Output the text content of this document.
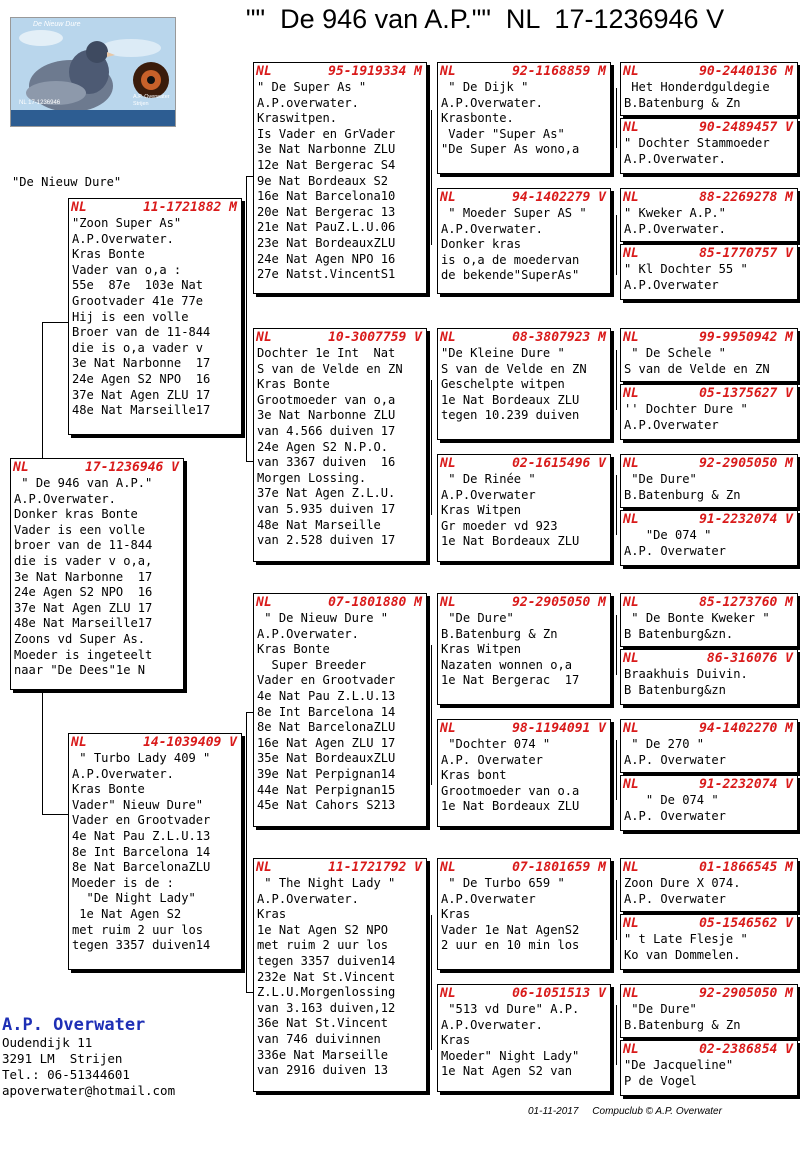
""  De 946 van A.P.""  NL  17-1236946 V
De Nieuw Dure
A.P. Overwater Strijen
NL 17-1236946
"De Nieuw Dure"
NL	17-1236946 V
" De 946 van A.P."
A.P.Overwater.
Donker kras Bonte
Vader is een volle
broer van de 11-844
die is vader v o,a,
3e Nat Narbonne  17
24e Agen S2 NPO  16
37e Nat Agen ZLU 17
48e Nat Marseille17
Zoons vd Super As.
Moeder is ingeteelt
naar "De Dees"1e N
NL	11-1721882 M
"Zoon Super As"
A.P.Overwater.
Kras Bonte
Vader van o,a :
55e  87e  103e Nat
Grootvader 41e 77e
Hij is een volle
Broer van de 11-844
die is o,a vader v
3e Nat Narbonne  17
24e Agen S2 NPO  16
37e Nat Agen ZLU 17
48e Nat Marseille17
NL	14-1039409 V
" Turbo Lady 409 "
A.P.Overwater.
Kras Bonte
Vader" Nieuw Dure"
Vader en Grootvader
4e Nat Pau Z.L.U.13
8e Int Barcelona 14
8e Nat BarcelonaZLU
Moeder is de :
"De Night Lady"
1e Nat Agen S2
met ruim 2 uur los
tegen 3357 duiven14
NL	95-1919334 M
" De Super As "
A.P.overwater.
Kraswitpen.
Is Vader en GrVader
3e Nat Narbonne ZLU
12e Nat Bergerac S4
9e Nat Bordeaux S2
16e Nat Barcelona10
20e Nat Bergerac 13
21e Nat PauZ.L.U.06
23e Nat BordeauxZLU
24e Nat Agen NPO 16
27e Natst.VincentS1
NL	10-3007759 V
Dochter 1e Int  Nat
S van de Velde en ZN
Kras Bonte
Grootmoeder van o,a
3e Nat Narbonne ZLU
van 4.566 duiven 17
24e Agen S2 N.P.O.
van 3367 duiven  16
Morgen Lossing.
37e Nat Agen Z.L.U.
van 5.935 duiven 17
48e Nat Marseille
van 2.528 duiven 17
NL	07-1801880 M
" De Nieuw Dure "
A.P.Overwater.
Kras Bonte
Super Breeder
Vader en Grootvader
4e Nat Pau Z.L.U.13
8e Int Barcelona 14
8e Nat BarcelonaZLU
16e Nat Agen ZLU 17
35e Nat BordeauxZLU
39e Nat Perpignan14
44e Nat Perpignan15
45e Nat Cahors S213
NL	11-1721792 V
" The Night Lady "
A.P.Overwater.
Kras
1e Nat Agen S2 NPO
met ruim 2 uur los
tegen 3357 duiven14
232e Nat St.Vincent
Z.L.U.Morgenlossing
van 3.163 duiven,12
36e Nat St.Vincent
van 746 duivinnen
336e Nat Marseille
van 2916 duiven 13
NL	92-1168859 M
" De Dijk "
A.P.Overwater.
Krasbonte.
Vader "Super As"
"De Super As wono,a
NL	94-1402279 V
" Moeder Super AS "
A.P.Overwater.
Donker kras
is o,a de moedervan
de bekende"SuperAs"
NL	08-3807923 M
"De Kleine Dure "
S van de Velde en ZN
Geschelpte witpen
1e Nat Bordeaux ZLU
tegen 10.239 duiven
NL	02-1615496 V
" De Rinée "
A.P.Overwater
Kras Witpen
Gr moeder vd 923
1e Nat Bordeaux ZLU
NL	92-2905050 M
"De Dure"
B.Batenburg & Zn
Kras Witpen
Nazaten wonnen o,a
1e Nat Bergerac  17
NL	98-1194091 V
"Dochter 074 "
A.P. Overwater
Kras bont
Grootmoeder van o.a
1e Nat Bordeaux ZLU
NL	07-1801659 M
" De Turbo 659 "
A.P.Overwater
Kras
Vader 1e Nat AgenS2
2 uur en 10 min los
NL	06-1051513 V
"513 vd Dure" A.P.
A.P.Overwater.
Kras
Moeder" Night Lady"
1e Nat Agen S2 van
NL	90-2440136 M
Het Honderdguldegie
B.Batenburg & Zn
NL	90-2489457 V
" Dochter Stammoeder
A.P.Overwater.
NL	88-2269278 M
" Kweker A.P."
A.P.Overwater.
NL	85-1770757 V
" Kl Dochter 55 "
A.P.Overwater
NL	99-9950942 M
" De Schele "
S van de Velde en ZN
NL	05-1375627 V
'' Dochter Dure "
A.P.Overwater
NL	92-2905050 M
"De Dure"
B.Batenburg & Zn
NL	91-2232074 V
"De 074 "
A.P. Overwater
NL	85-1273760 M
" De Bonte Kweker "
B Batenburg&zn.
NL	86-316076 V
Braakhuis Duivin.
B Batenburg&zn
NL	94-1402270 M
" De 270 "
A.P. Overwater
NL	91-2232074 V
" De 074 "
A.P. Overwater
NL	01-1866545 M
Zoon Dure X 074.
A.P. Overwater
NL	05-1546562 V
" t Late Flesje "
Ko van Dommelen.
NL	92-2905050 M
"De Dure"
B.Batenburg & Zn
NL	02-2386854 V
"De Jacqueline"
P de Vogel
A.P. Overwater
Oudendijk 11
3291 LM  Strijen
Tel.: 06-51344601
apoverwater@hotmail.com
01-11-2017     Compuclub © A.P. Overwater
